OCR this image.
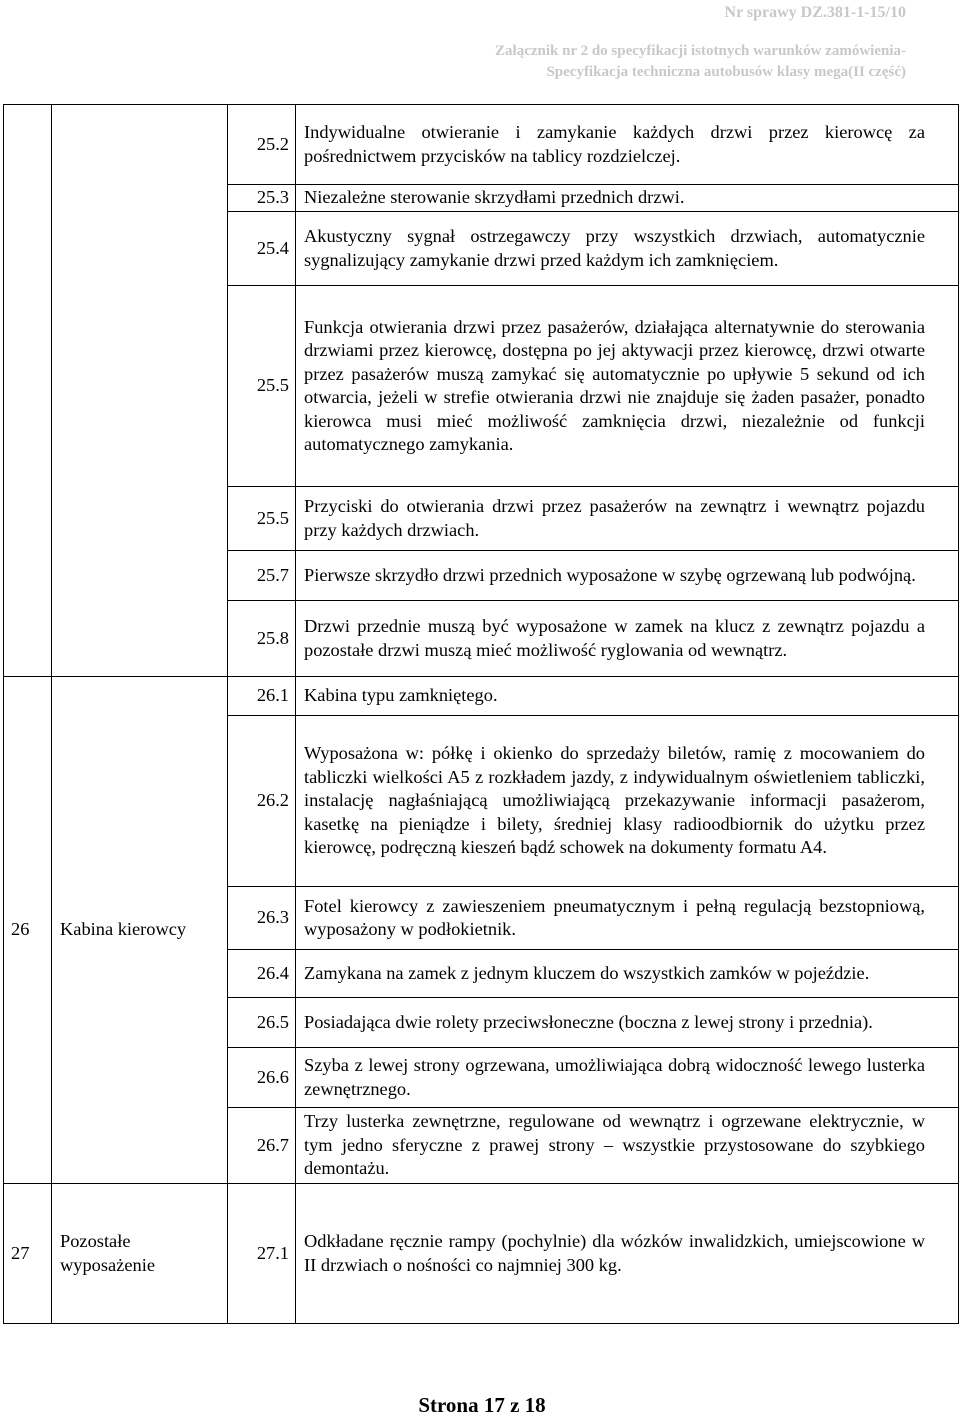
Nr sprawy DZ.381-1-15/10
Załącznik nr 2 do specyfikacji istotnych warunków zamówienia-
Specyfikacja techniczna autobusów klasy mega(II część)
		25.2	Indywidualne otwieranie i zamykanie każdych drzwi przez kierowcę za pośrednictwem przycisków na tablicy rozdzielczej.
		25.3	Niezależne sterowanie skrzydłami przednich drzwi.
		25.4	Akustyczny sygnał ostrzegawczy przy wszystkich drzwiach, automatycznie sygnalizujący zamykanie drzwi przed każdym ich zamknięciem.
		25.5	Funkcja otwierania drzwi przez pasażerów, działająca alternatywnie do sterowania drzwiami przez kierowcę, dostępna po jej aktywacji przez kierowcę, drzwi otwarte przez pasażerów muszą zamykać się automatycznie po upływie 5 sekund od ich otwarcia, jeżeli w strefie otwierania drzwi nie znajduje się żaden pasażer, ponadto kierowca musi mieć możliwość zamknięcia drzwi, niezależnie od funkcji automatycznego zamykania.
		25.5	Przyciski do otwierania drzwi przez pasażerów na zewnątrz i wewnątrz pojazdu przy każdych drzwiach.
		25.7	Pierwsze skrzydło drzwi przednich wyposażone w szybę ogrzewaną lub podwójną.
		25.8	Drzwi przednie muszą być wyposażone w zamek na klucz z zewnątrz pojazdu a pozostałe drzwi muszą mieć możliwość ryglowania od wewnątrz.
26	Kabina kierowcy	26.1	Kabina typu zamkniętego.
		26.2	Wyposażona w: półkę i okienko do sprzedaży biletów, ramię z mocowaniem do tabliczki wielkości A5 z rozkładem jazdy, z indywidualnym oświetleniem tabliczki, instalację nagłaśniającą umożliwiającą przekazywanie informacji pasażerom, kasetkę na pieniądze i bilety, średniej klasy radioodbiornik do użytku przez kierowcę, podręczną kieszeń bądź schowek na dokumenty formatu A4.
		26.3	Fotel kierowcy z zawieszeniem pneumatycznym i pełną regulacją bezstopniową, wyposażony w podłokietnik.
		26.4	Zamykana na zamek z jednym kluczem do wszystkich zamków w pojeździe.
		26.5	Posiadająca dwie rolety przeciwsłoneczne (boczna z lewej strony i przednia).
		26.6	Szyba z lewej strony ogrzewana, umożliwiająca dobrą widoczność lewego lusterka zewnętrznego.
		26.7	Trzy lusterka zewnętrzne, regulowane od wewnątrz i ogrzewane elektrycznie, w tym jedno sferyczne z prawej strony – wszystkie przystosowane do szybkiego demontażu.
27	Pozostałe wyposażenie	27.1	Odkładane ręcznie rampy (pochylnie) dla wózków inwalidzkich, umiejscowione w II drzwiach o nośności co najmniej 300 kg.
Strona 17 z 18
